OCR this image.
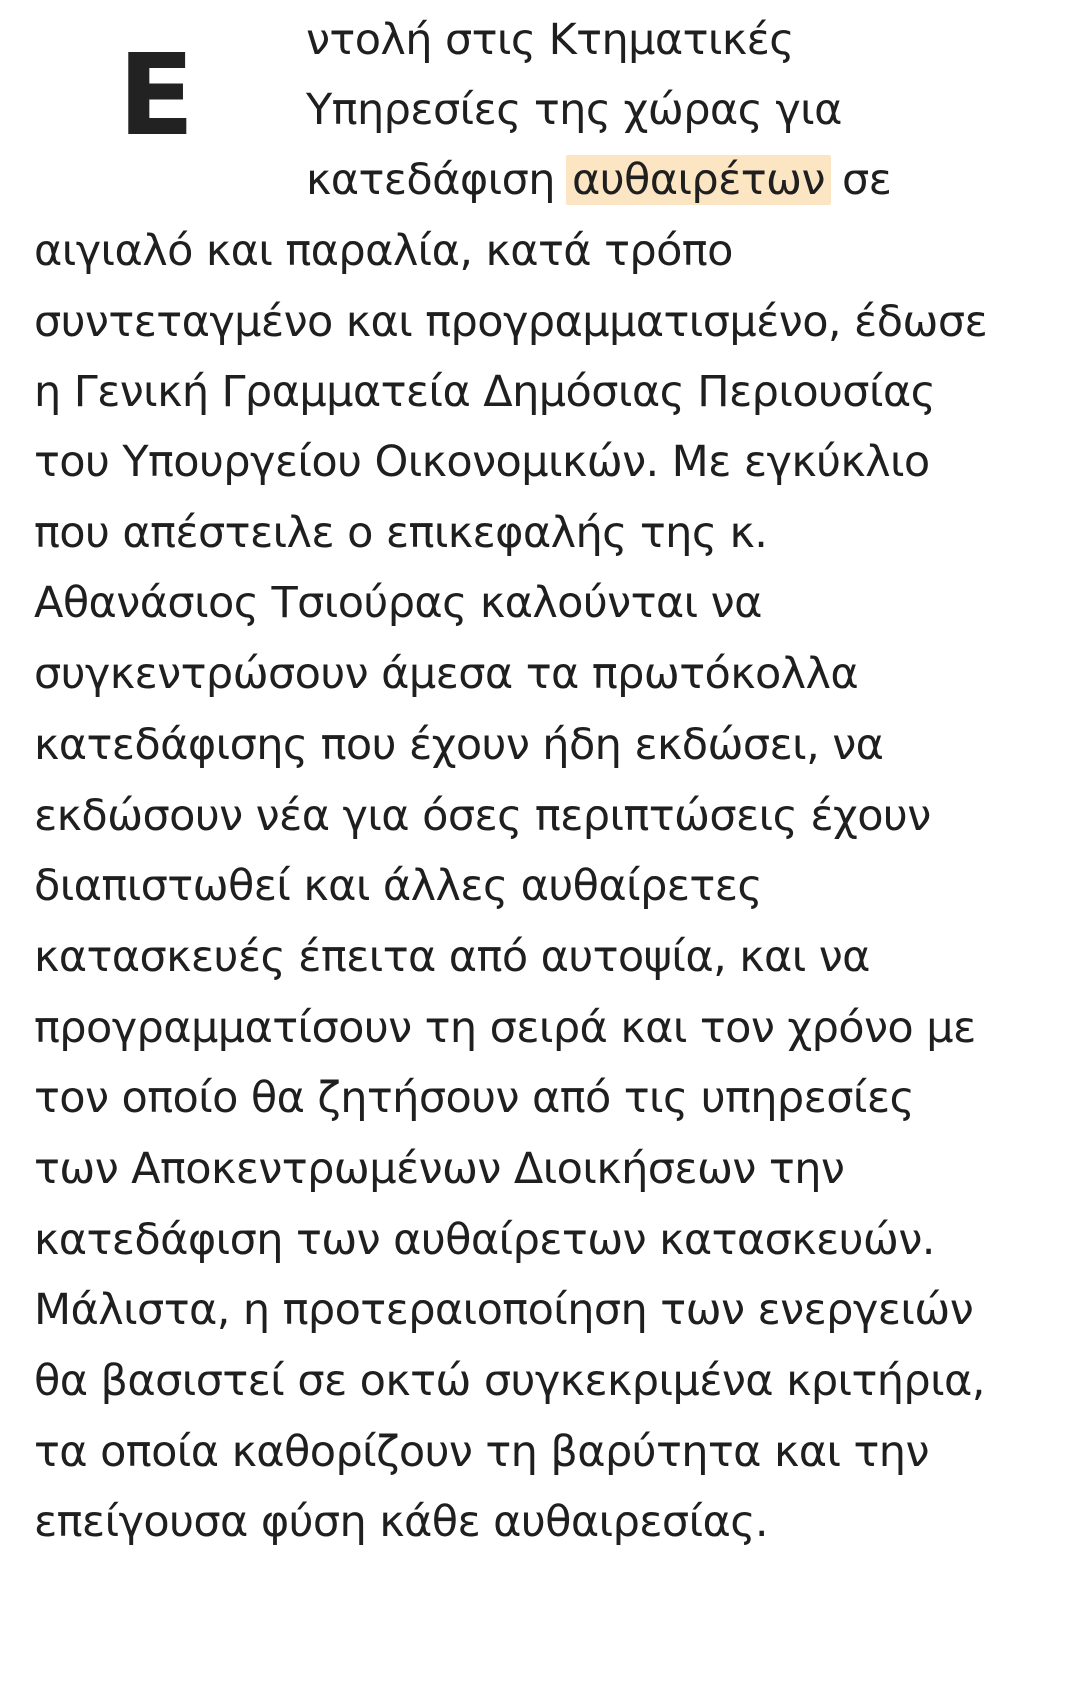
Ε	ντολή στις Κτηματικές
Υπηρεσίες της χώρας για
κατεδάφιση αυθαιρέτων σε
αιγιαλό και παραλία, κατά τρόπο
συντεταγμένο και προγραμματισμένο, έδωσε
η Γενική Γραμματεία Δημόσιας Περιουσίας
του Υπουργείου Οικονομικών. Με εγκύκλιο
που απέστειλε ο επικεφαλής της κ.
Αθανάσιος Τσιούρας καλούνται να
συγκεντρώσουν άμεσα τα πρωτόκολλα
κατεδάφισης που έχουν ήδη εκδώσει, να
εκδώσουν νέα για όσες περιπτώσεις έχουν
διαπιστωθεί και άλλες αυθαίρετες
κατασκευές έπειτα από αυτοψία, και να
προγραμματίσουν τη σειρά και τον χρόνο με
τον οποίο θα ζητήσουν από τις υπηρεσίες
των Αποκεντρωμένων Διοικήσεων την
κατεδάφιση των αυθαίρετων κατασκευών.
Μάλιστα, η προτεραιοποίηση των ενεργειών
θα βασιστεί σε οκτώ συγκεκριμένα κριτήρια,
τα οποία καθορίζουν τη βαρύτητα και την
επείγουσα φύση κάθε αυθαιρεσίας.
